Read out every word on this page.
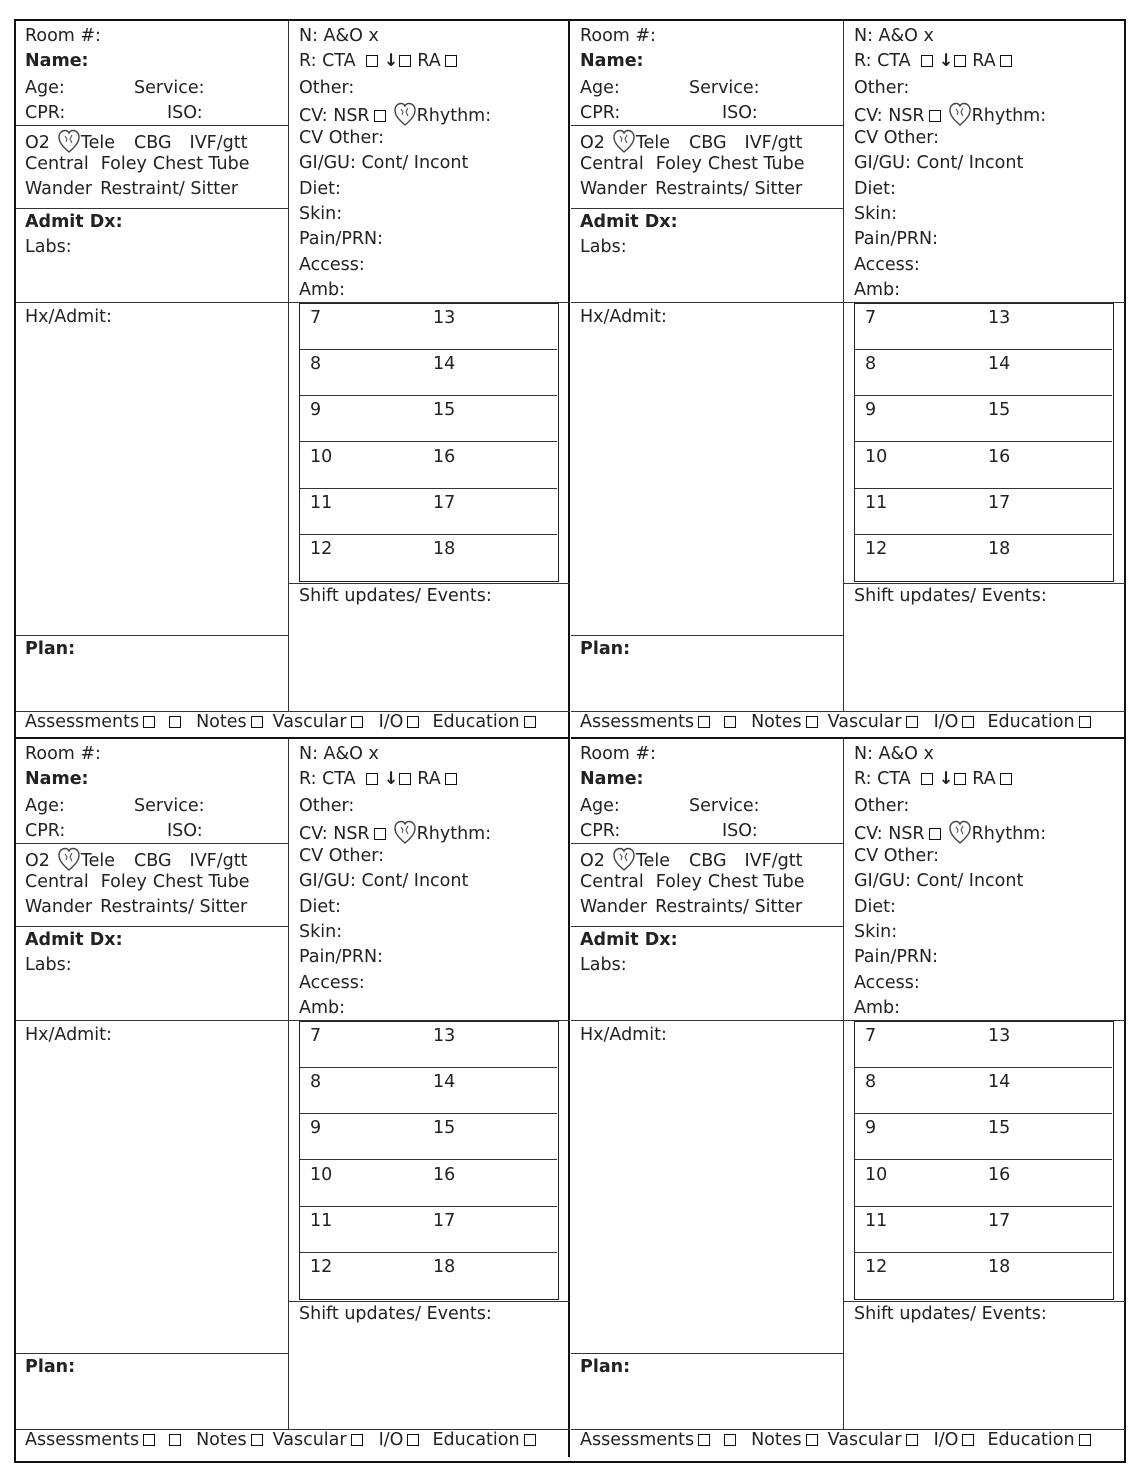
Room #:
Name:
Age:	Service:
CPR:	ISO:
O2 Tele CBG IVF/gtt
Central Foley Chest Tube
Wander Restraint/ Sitter
Admit Dx:
Labs:
Hx/Admit:
Plan:
N: A&O x
R: CTA ↓ RA
Other:
CV: NSR	Rhythm:
CV Other:
GI/GU: Cont/ Incont
Diet:
Skin:
Pain/PRN:
Access:
Amb:
7	13
8	14
9	15
10	16
11	17
12	18
Shift updates/ Events:
Assessments	Notes Vascular I/O Education
Room #:
Name:
Age:	Service:
CPR:	ISO:
O2 Tele CBG IVF/gtt
Central Foley Chest Tube
Wander Restraints/ Sitter
Admit Dx:
Labs:
Hx/Admit:
Plan:
N: A&O x
R: CTA ↓ RA
Other:
CV: NSR	Rhythm:
CV Other:
GI/GU: Cont/ Incont
Diet:
Skin:
Pain/PRN:
Access:
Amb:
7	13
8	14
9	15
10	16
11	17
12	18
Shift updates/ Events:
Assessments	Notes Vascular I/O Education
Room #:
Name:
Age:	Service:
CPR:	ISO:
O2 Tele CBG IVF/gtt
Central Foley Chest Tube
Wander Restraints/ Sitter
Admit Dx:
Labs:
Hx/Admit:
Plan:
N: A&O x
R: CTA ↓ RA
Other:
CV: NSR	Rhythm:
CV Other:
GI/GU: Cont/ Incont
Diet:
Skin:
Pain/PRN:
Access:
Amb:
7	13
8	14
9	15
10	16
11	17
12	18
Shift updates/ Events:
Assessments	Notes Vascular I/O Education
Room #:
Name:
Age:	Service:
CPR:	ISO:
O2 Tele CBG IVF/gtt
Central Foley Chest Tube
Wander Restraints/ Sitter
Admit Dx:
Labs:
Hx/Admit:
Plan:
N: A&O x
R: CTA ↓ RA
Other:
CV: NSR	Rhythm:
CV Other:
GI/GU: Cont/ Incont
Diet:
Skin:
Pain/PRN:
Access:
Amb:
7	13
8	14
9	15
10	16
11	17
12	18
Shift updates/ Events:
Assessments	Notes Vascular I/O Education
